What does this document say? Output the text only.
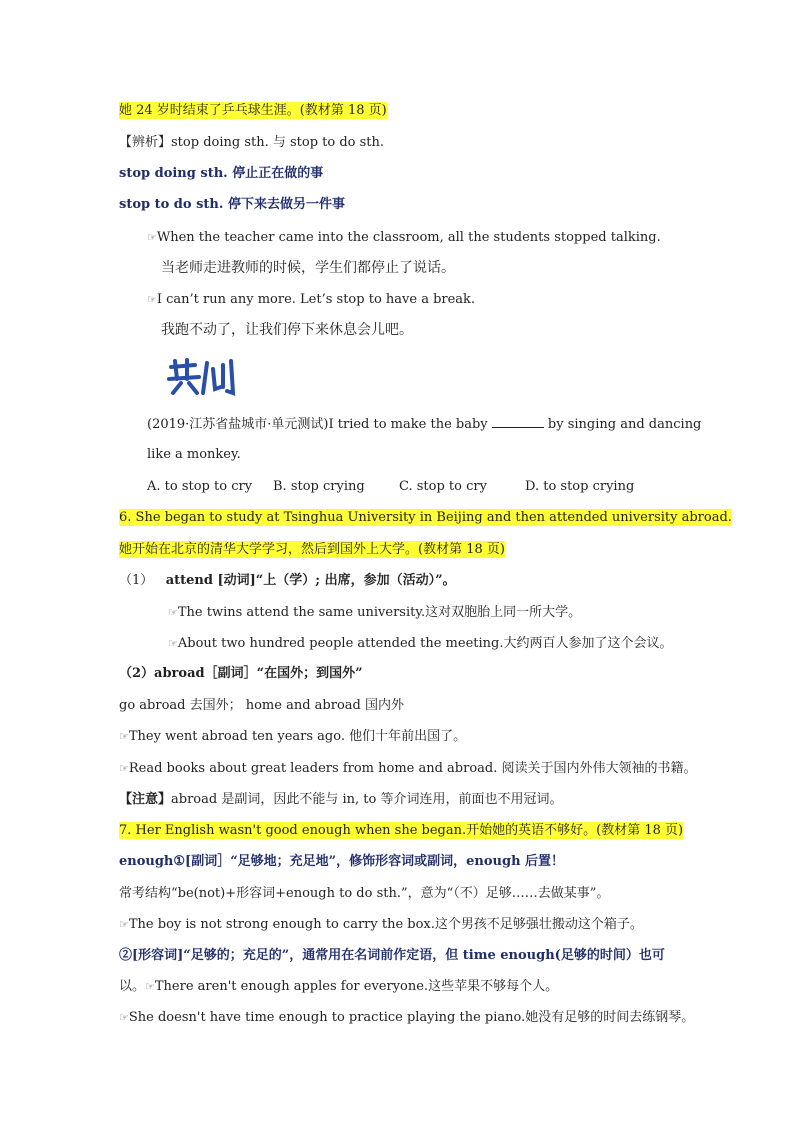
她 24 岁时结束了乒乓球生涯。(教材第 18 页)
【辨析】stop doing sth. 与 stop to do sth.
stop doing sth. 停止正在做的事
stop to do sth. 停下来去做另一件事
☞When the teacher came into the classroom, all the students stopped talking.
当老师走进教师的时候，学生们都停止了说话。
☞I can’t run any more. Let’s stop to have a break.
我跑不动了，让我们停下来休息会儿吧。
(2019·江苏省盐城市·单元测试)I tried to make the baby	by singing and dancing
like a monkey.
A. to stop to cry B. stop crying	C. stop to cry	D. to stop crying
6. She began to study at Tsinghua University in Beijing and then attended university abroad.
她开始在北京的清华大学学习，然后到国外上大学。(教材第 18 页)
（1） attend [动词]“上（学）; 出席，参加（活动）”。
☞The twins attend the same university.这对双胞胎上同一所大学。
☞About two hundred people attended the meeting.大约两百人参加了这个会议。
（2）abroad［副词］“在国外；到国外”
go abroad 去国外； home and abroad 国内外
☞They went abroad ten years ago. 他们十年前出国了。
☞Read books about great leaders from home and abroad. 阅读关于国内外伟大领袖的书籍。
【注意】abroad 是副词，因此不能与 in, to 等介词连用，前面也不用冠词。
7. Her English wasn't good enough when she began.开始她的英语不够好。(教材第 18 页)
enough①[副词］“足够地；充足地”，修饰形容词或副词，enough 后置！
常考结构“be(not)+形容词+enough to do sth.”，意为“（不）足够……去做某事”。
☞The boy is not strong enough to carry the box.这个男孩不足够强壮搬动这个箱子。
②[形容词]“足够的；充足的”，通常用在名词前作定语，但 time enough(足够的时间）也可
以。☞There aren't enough apples for everyone.这些苹果不够每个人。
☞She doesn't have time enough to practice playing the piano.她没有足够的时间去练钢琴。
